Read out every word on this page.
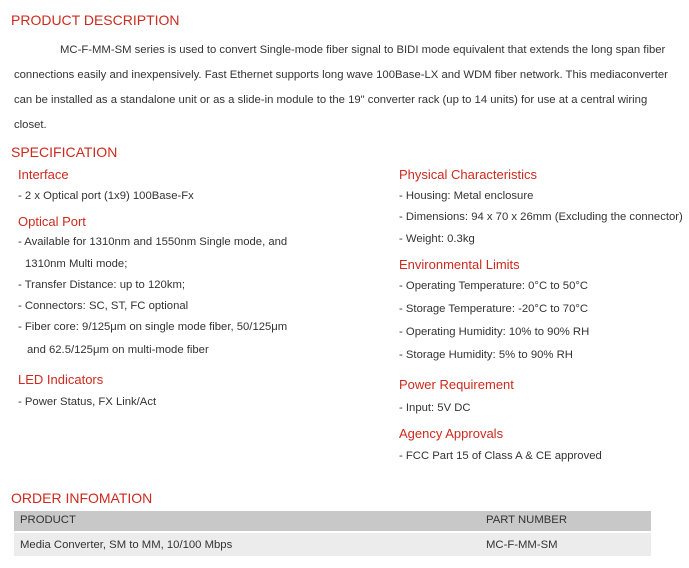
PRODUCT DESCRIPTION

MC-F-MM-SM series is used to convert Single-mode fiber signal to BIDI mode equivalent that extends the long span fiber

connections easily and inexpensively. Fast Ethernet supports long wave 100Base-LX and WDM fiber network. This mediaconverter

can be installed as a standalone unit or as a slide-in module to the 19" converter rack (up to 14 units) for use at a central wiring closet.

SPECIFICATION
Interface
- 2 x Optical port (1x9) 100Base-Fx
Optical Port
- Available for 1310nm and 1550nm Single mode, and
1310nm Multi mode;
- Transfer Distance: up to 120km;
- Connectors: SC, ST, FC optional
- Fiber core: 9/125μm on single mode fiber, 50/125μm
and 62.5/125μm on multi-mode fiber
LED Indicators
- Power Status, FX Link/Act
Physical Characteristics
- Housing: Metal enclosure
- Dimensions: 94 x 70 x 26mm (Excluding the connector)
- Weight: 0.3kg
Environmental Limits
- Operating Temperature: 0°C to 50°C
- Storage Temperature: -20°C to 70°C
- Operating Humidity: 10% to 90% RH
- Storage Humidity: 5% to 90% RH
Power Requirement
- Input: 5V DC
Agency Approvals
- FCC Part 15 of Class A & CE approved
ORDER INFOMATION
PRODUCT	PART NUMBER
Media Converter, SM to MM, 10/100 Mbps	MC-F-MM-SM
